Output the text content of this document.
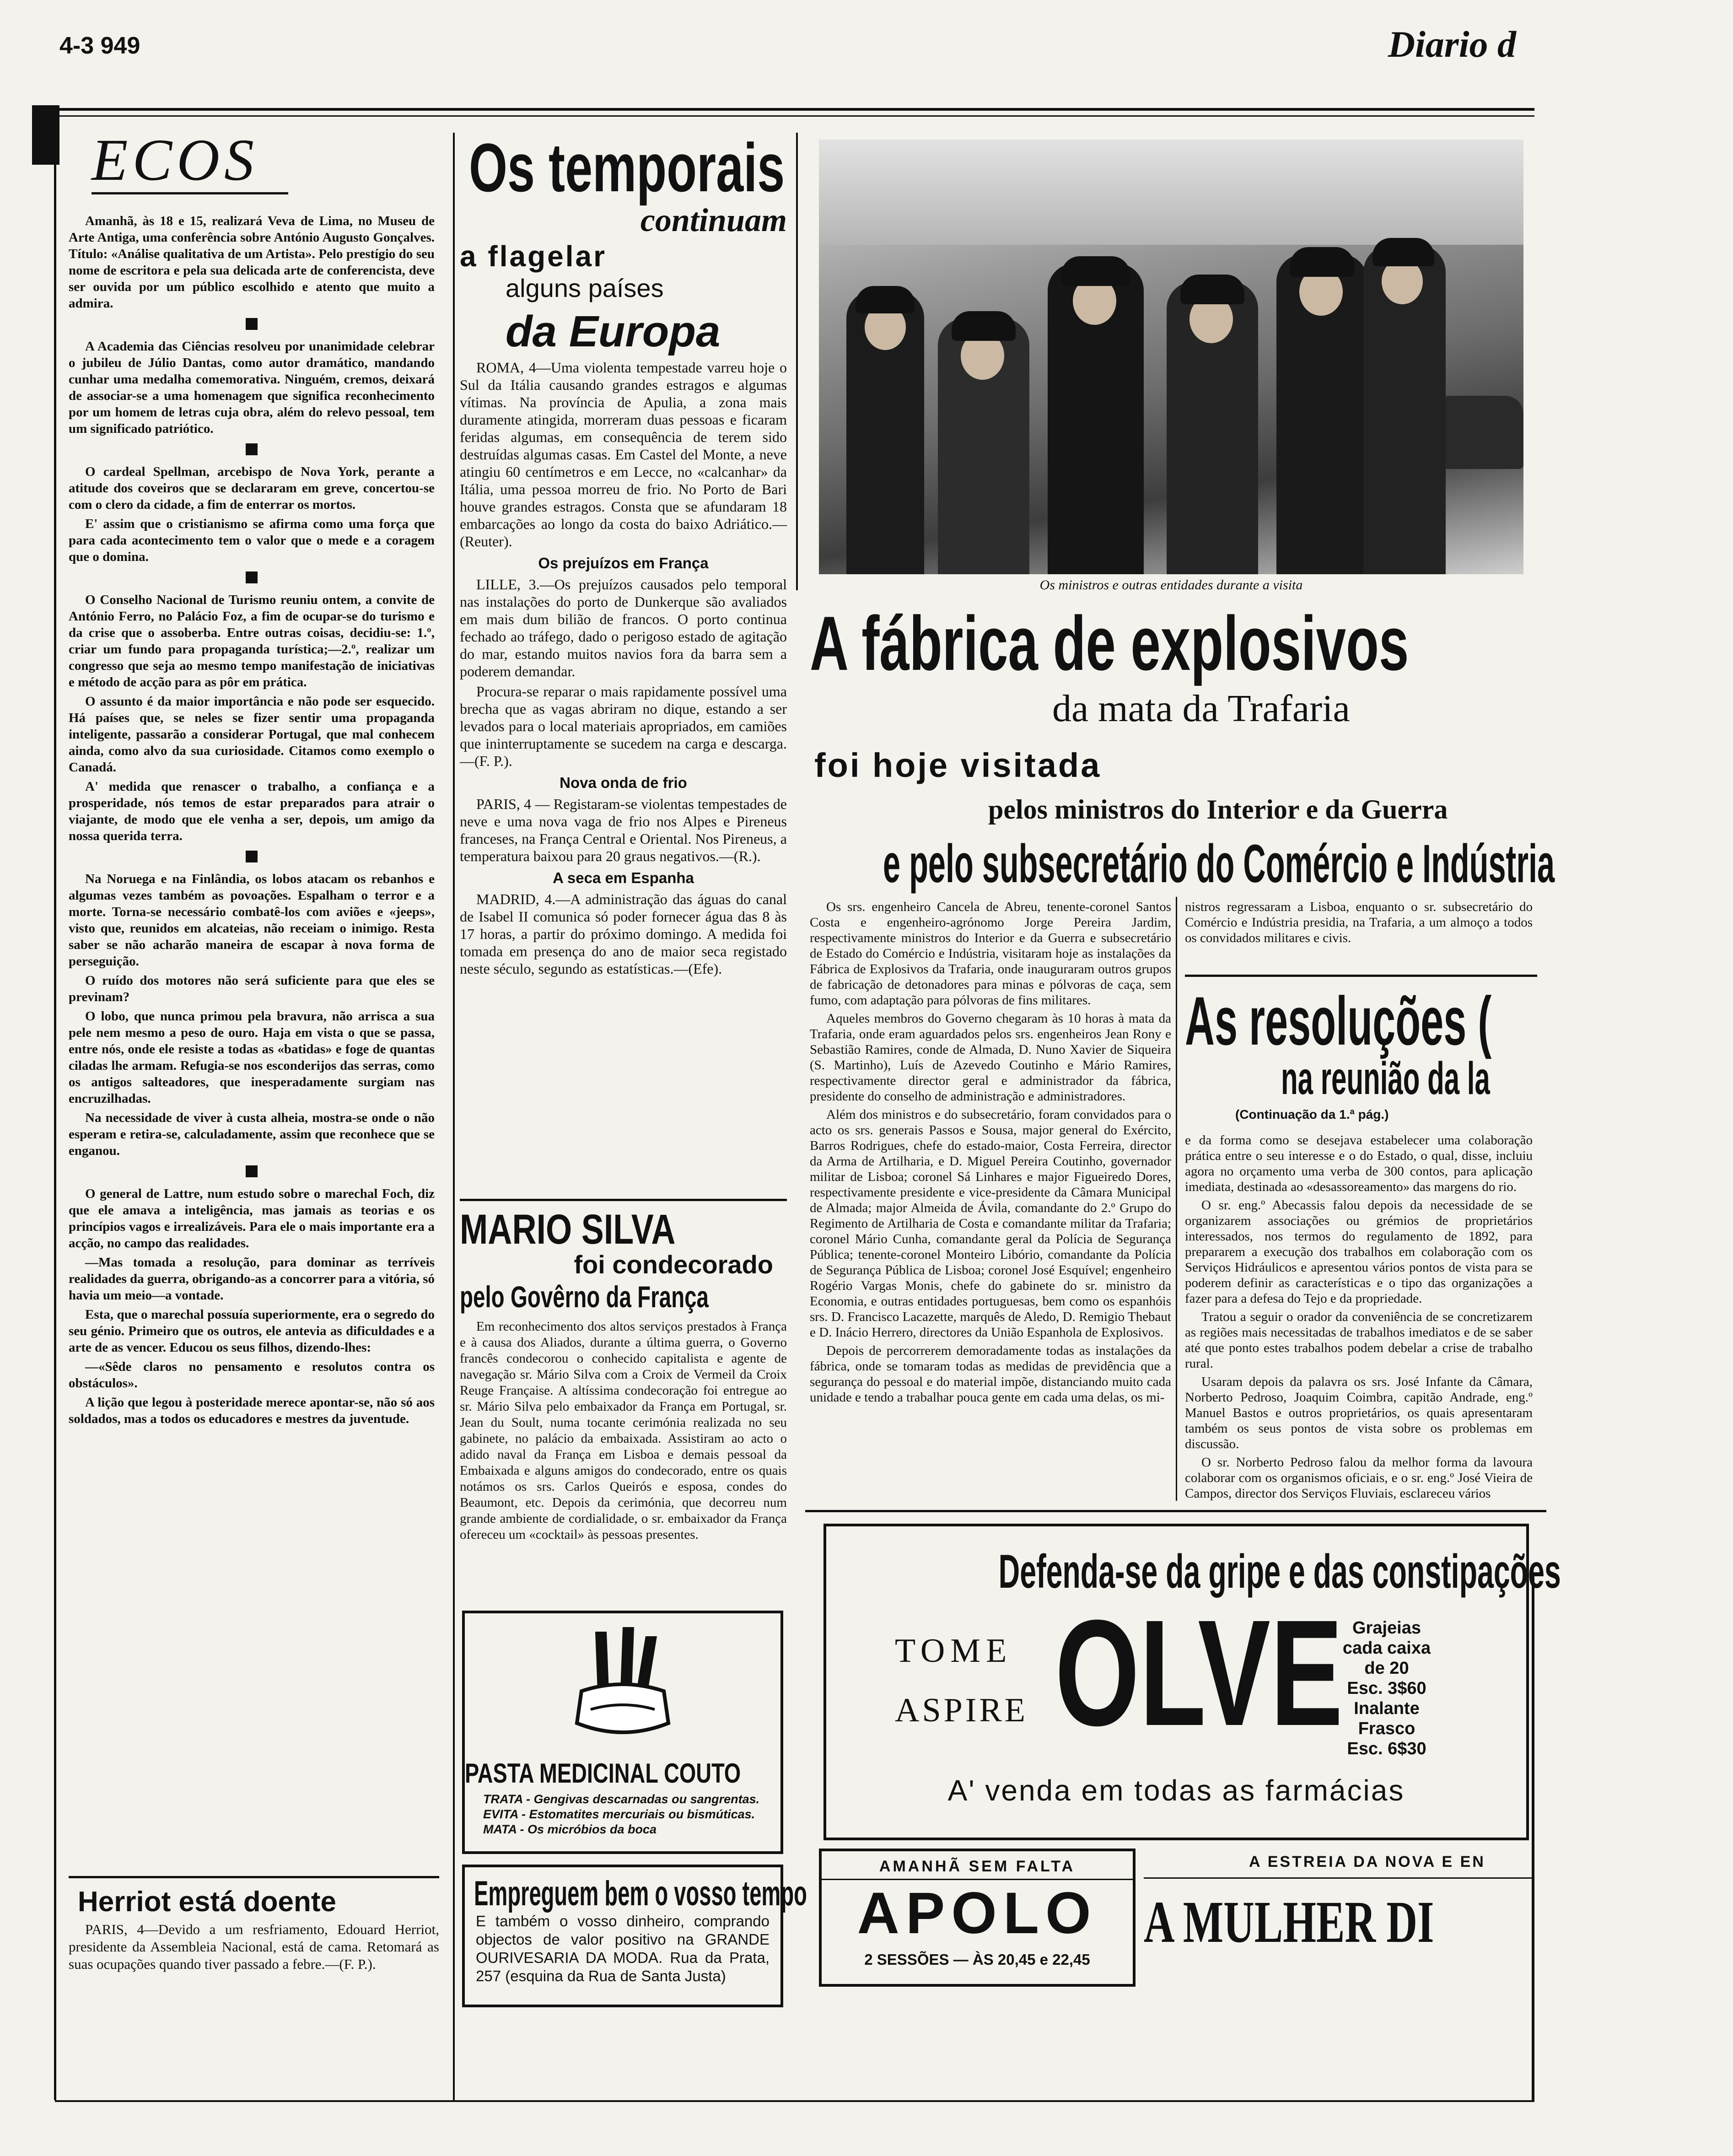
4-3 949	Diario d
ECOS

Amanhã, às 18 e 15, realizará Veva de Lima, no Museu de Arte Antiga, uma conferência sobre António Augusto Gonçalves. Título: «Análise qualitativa de um Artista». Pelo prestígio do seu nome de escritora e pela sua delicada arte de conferencista, deve ser ouvida por um público escolhido e atento que muito a admira.

A Academia das Ciências resolveu por unanimidade celebrar o jubileu de Júlio Dantas, como autor dramático, mandando cunhar uma medalha comemorativa. Ninguém, cremos, deixará de associar-se a uma homenagem que significa reconhecimento por um homem de letras cuja obra, além do relevo pessoal, tem um significado patriótico.

O cardeal Spellman, arcebispo de Nova York, perante a atitude dos coveiros que se declararam em greve, concertou-se com o clero da cidade, a fim de enterrar os mortos.

E' assim que o cristianismo se afirma como uma força que para cada acontecimento tem o valor que o mede e a coragem que o domina.

O Conselho Nacional de Turismo reuniu ontem, a convite de António Ferro, no Palácio Foz, a fim de ocupar-se do turismo e da crise que o assoberba. Entre outras coisas, decidiu-se: 1.º, criar um fundo para propaganda turística;—2.º, realizar um congresso que seja ao mesmo tempo manifestação de iniciativas e método de acção para as pôr em prática.

O assunto é da maior importância e não pode ser esquecido. Há países que, se neles se fizer sentir uma propaganda inteligente, passarão a considerar Portugal, que mal conhecem ainda, como alvo da sua curiosidade. Citamos como exemplo o Canadá.

A' medida que renascer o trabalho, a confiança e a prosperidade, nós temos de estar preparados para atrair o viajante, de modo que ele venha a ser, depois, um amigo da nossa querida terra.

Na Noruega e na Finlândia, os lobos atacam os rebanhos e algumas vezes também as povoações. Espalham o terror e a morte. Torna-se necessário combatê-los com aviões e «jeeps», visto que, reunidos em alcateias, não receiam o inimigo. Resta saber se não acharão maneira de escapar à nova forma de perseguição.

O ruído dos motores não será suficiente para que eles se previnam?

O lobo, que nunca primou pela bravura, não arrisca a sua pele nem mesmo a peso de ouro. Haja em vista o que se passa, entre nós, onde ele resiste a todas as «batidas» e foge de quantas ciladas lhe armam. Refugia-se nos esconderijos das serras, como os antigos salteadores, que inesperadamente surgiam nas encruzilhadas.

Na necessidade de viver à custa alheia, mostra-se onde o não esperam e retira-se, calculadamente, assim que reconhece que se enganou.

O general de Lattre, num estudo sobre o marechal Foch, diz que ele amava a inteligência, mas jamais as teorias e os princípios vagos e irrealizáveis. Para ele o mais importante era a acção, no campo das realidades.

—Mas tomada a resolução, para dominar as terríveis realidades da guerra, obrigando-as a concorrer para a vitória, só havia um meio—a vontade.

Esta, que o marechal possuía superiormente, era o segredo do seu génio. Primeiro que os outros, ele antevia as dificuldades e a arte de as vencer. Educou os seus filhos, dizendo-lhes:

—«Sêde claros no pensamento e resolutos contra os obstáculos».

A lição que legou à posteridade merece apontar-se, não só aos soldados, mas a todos os educadores e mestres da juventude.

Herriot está doente

PARIS, 4—Devido a um resfriamento, Edouard Herriot, presidente da Assembleia Nacional, está de cama. Retomará as suas ocupações quando tiver passado a febre.—(F. P.).

Os temporais
continuam
a flagelar
alguns países
da Europa

ROMA, 4—Uma violenta tempestade varreu hoje o Sul da Itália causando grandes estragos e algumas vítimas. Na província de Apulia, a zona mais duramente atingida, morreram duas pessoas e ficaram feridas algumas, em consequência de terem sido destruídas algumas casas. Em Castel del Monte, a neve atingiu 60 centímetros e em Lecce, no «calcanhar» da Itália, uma pessoa morreu de frio. No Porto de Bari houve grandes estragos. Consta que se afundaram 18 embarcações ao longo da costa do baixo Adriático.—(Reuter).

Os prejuízos em França

LILLE, 3.—Os prejuízos causados pelo temporal nas instalações do porto de Dunkerque são avaliados em mais dum bilião de francos. O porto continua fechado ao tráfego, dado o perigoso estado de agitação do mar, estando muitos navios fora da barra sem a poderem demandar.

Procura-se reparar o mais rapidamente possível uma brecha que as vagas abriram no dique, estando a ser levados para o local materiais apropriados, em camiões que ininterruptamente se sucedem na carga e descarga.—(F. P.).

Nova onda de frio

PARIS, 4 — Registaram-se violentas tempestades de neve e uma nova vaga de frio nos Alpes e Pireneus franceses, na França Central e Oriental. Nos Pireneus, a temperatura baixou para 20 graus negativos.—(R.).

A seca em Espanha

MADRID, 4.—A administração das águas do canal de Isabel II comunica só poder fornecer água das 8 às 17 horas, a partir do próximo domingo. A medida foi tomada em presença do ano de maior seca registado neste século, segundo as estatísticas.—(Efe).

MARIO SILVA
foi condecorado
pelo Govêrno da França

Em reconhecimento dos altos serviços prestados à França e à causa dos Aliados, durante a última guerra, o Governo francês condecorou o conhecido capitalista e agente de navegação sr. Mário Silva com a Croix de Vermeil da Croix Reuge Française. A altíssima condecoração foi entregue ao sr. Mário Silva pelo embaixador da França em Portugal, sr. Jean du Soult, numa tocante cerimónia realizada no seu gabinete, no palácio da embaixada. Assistiram ao acto o adido naval da França em Lisboa e demais pessoal da Embaixada e alguns amigos do condecorado, entre os quais notámos os srs. Carlos Queirós e esposa, condes do Beaumont, etc. Depois da cerimónia, que decorreu num grande ambiente de cordialidade, o sr. embaixador da França ofereceu um «cocktail» às pessoas presentes.

PASTA MEDICINAL COUTO
TRATA - Gengivas descarnadas ou sangrentas.
EVITA - Estomatites mercuriais ou bismúticas.
MATA - Os micróbios da boca
Empreguem bem o vosso tempo

E também o vosso dinheiro, comprando objectos de valor positivo na GRANDE OURIVESARIA DA MODA. Rua da Prata, 257 (esquina da Rua de Santa Justa)

Os ministros e outras entidades durante a visita
A fábrica de explosivos
da mata da Trafaria
foi hoje visitada
pelos ministros do Interior e da Guerra
e pelo subsecretário do Comércio e Indústria

Os srs. engenheiro Cancela de Abreu, tenente-coronel Santos Costa e engenheiro-agrónomo Jorge Pereira Jardim, respectivamente ministros do Interior e da Guerra e subsecretário de Estado do Comércio e Indústria, visitaram hoje as instalações da Fábrica de Explosivos da Trafaria, onde inauguraram outros grupos de fabricação de detonadores para minas e pólvoras de caça, sem fumo, com adaptação para pólvoras de fins militares.

Aqueles membros do Governo chegaram às 10 horas à mata da Trafaria, onde eram aguardados pelos srs. engenheiros Jean Rony e Sebastião Ramires, conde de Almada, D. Nuno Xavier de Siqueira (S. Martinho), Luís de Azevedo Coutinho e Mário Ramires, respectivamente director geral e administrador da fábrica, presidente do conselho de administração e administradores.

Além dos ministros e do subsecretário, foram convidados para o acto os srs. generais Passos e Sousa, major general do Exército, Barros Rodrigues, chefe do estado-maior, Costa Ferreira, director da Arma de Artilharia, e D. Miguel Pereira Coutinho, governador militar de Lisboa; coronel Sá Linhares e major Figueiredo Dores, respectivamente presidente e vice-presidente da Câmara Municipal de Almada; major Almeida de Ávila, comandante do 2.º Grupo do Regimento de Artilharia de Costa e comandante militar da Trafaria; coronel Mário Cunha, comandante geral da Polícia de Segurança Pública; tenente-coronel Monteiro Libório, comandante da Polícia de Segurança Pública de Lisboa; coronel José Esquível; engenheiro Rogério Vargas Monis, chefe do gabinete do sr. ministro da Economia, e outras entidades portuguesas, bem como os espanhóis srs. D. Francisco Lacazette, marquês de Aledo, D. Remigio Thebaut e D. Inácio Herrero, directores da União Espanhola de Explosivos.

Depois de percorrerem demoradamente todas as instalações da fábrica, onde se tomaram todas as medidas de previdência que a segurança do pessoal e do material impõe, distanciando muito cada unidade e tendo a trabalhar pouca gente em cada uma delas, os mi-

nistros regressaram a Lisboa, enquanto o sr. subsecretário do Comércio e Indústria presidia, na Trafaria, a um almoço a todos os convidados militares e civis.

As resoluções (
na reunião da la
(Continuação da 1.ª pág.)

e da forma como se desejava estabelecer uma colaboração prática entre o seu interesse e o do Estado, o qual, disse, incluiu agora no orçamento uma verba de 300 contos, para aplicação imediata, destinada ao «desassoreamento» das margens do rio.

O sr. eng.º Abecassis falou depois da necessidade de se organizarem associações ou grémios de proprietários interessados, nos termos do regulamento de 1892, para prepararem a execução dos trabalhos em colaboração com os Serviços Hidráulicos e apresentou vários pontos de vista para se poderem definir as características e o tipo das organizações a fazer para a defesa do Tejo e da propriedade.

Tratou a seguir o orador da conveniência de se concretizarem as regiões mais necessitadas de trabalhos imediatos e de se saber até que ponto estes trabalhos podem debelar a crise de trabalho rural.

Usaram depois da palavra os srs. José Infante da Câmara, Norberto Pedroso, Joaquim Coimbra, capitão Andrade, eng.º Manuel Bastos e outros proprietários, os quais apresentaram também os seus pontos de vista sobre os problemas em discussão.

O sr. Norberto Pedroso falou da melhor forma da lavoura colaborar com os organismos oficiais, e o sr. eng.º José Vieira de Campos, director dos Serviços Fluviais, esclareceu vários

Defenda-se da gripe e das constipações
TOME
ASPIRE OLVE Grajeias cada caixa de 20
Esc. 3$60
Inalante
Frasco
Esc. 6$30
A' venda em todas as farmácias
AMANHÃ SEM FALTA
APOLO
2 SESSÕES — ÀS 20,45 e 22,45
A ESTREIA DA NOVA E EN
A MULHER DI
